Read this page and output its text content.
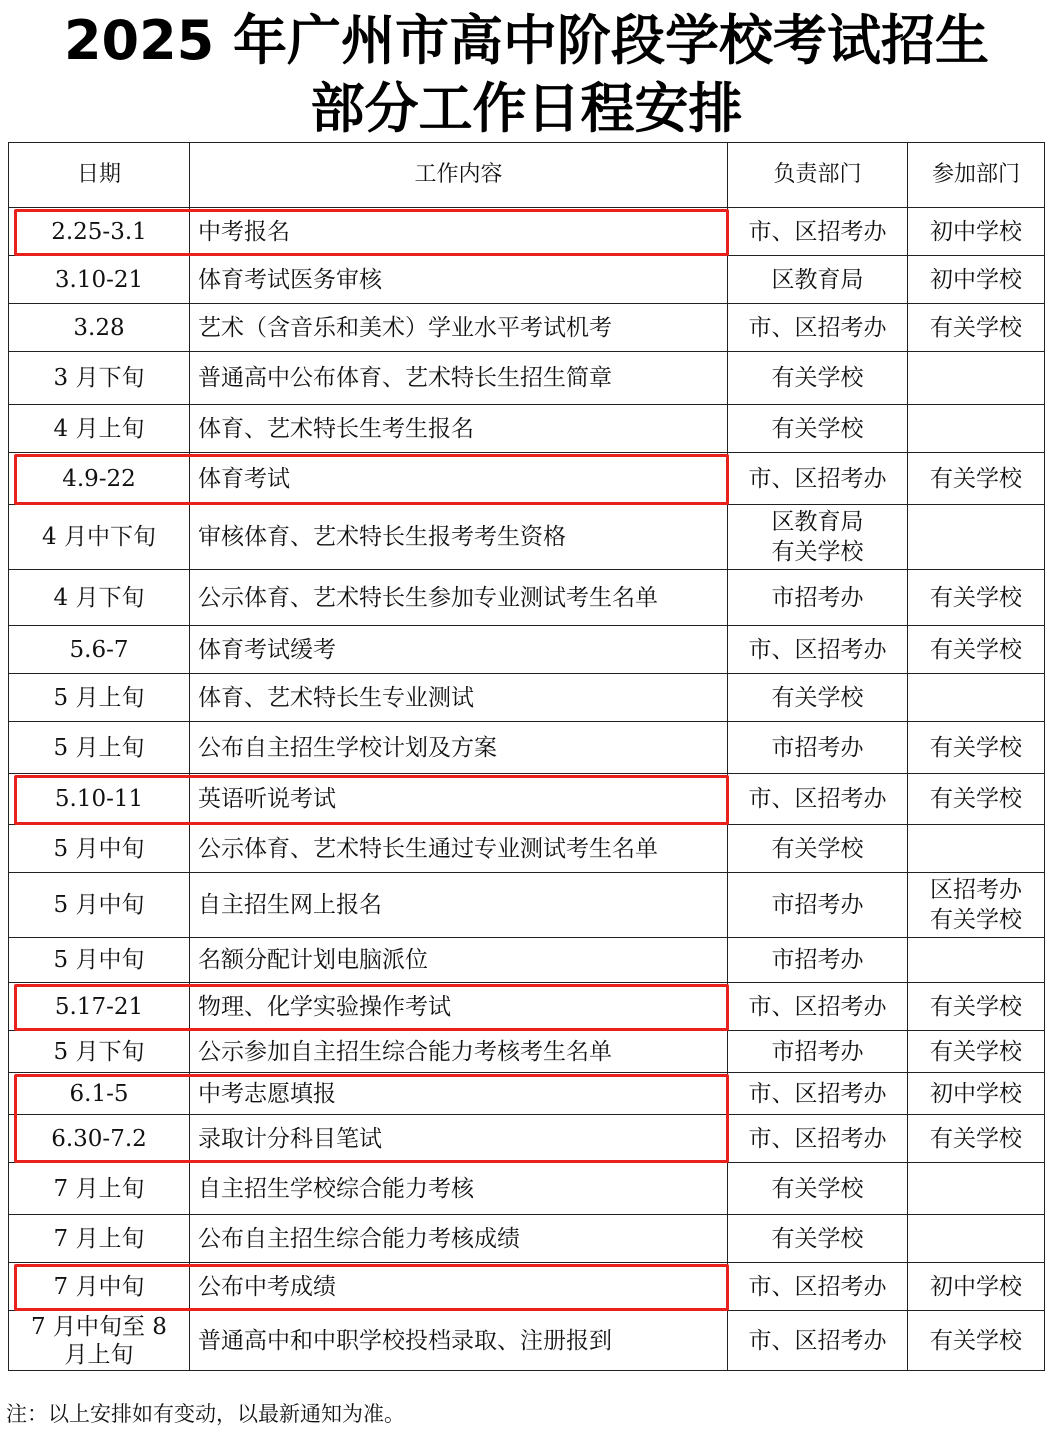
2025 年广州市高中阶段学校考试招生
部分工作日程安排
日期	工作内容	负责部门	参加部门
2.25-3.1	中考报名	市、区招考办	初中学校

3.10-21	体育考试医务审核	区教育局	初中学校

3.28	艺术（含音乐和美术）学业水平考试机考	市、区招考办	有关学校

3 月下旬	普通高中公布体育、艺术特长生招生简章	有关学校	

4 月上旬	体育、艺术特长生考生报名	有关学校	

4.9-22	体育考试	市、区招考办	有关学校

4 月中下旬	审核体育、艺术特长生报考考生资格	区教育局
有关学校	

4 月下旬	公示体育、艺术特长生参加专业测试考生名单	市招考办	有关学校

5.6-7	体育考试缓考	市、区招考办	有关学校

5 月上旬	体育、艺术特长生专业测试	有关学校	

5 月上旬	公布自主招生学校计划及方案	市招考办	有关学校

5.10-11	英语听说考试	市、区招考办	有关学校

5 月中旬	公示体育、艺术特长生通过专业测试考生名单	有关学校	

5 月中旬	自主招生网上报名	市招考办	区招考办
有关学校

5 月中旬	名额分配计划电脑派位	市招考办	

5.17-21	物理、化学实验操作考试	市、区招考办	有关学校

5 月下旬	公示参加自主招生综合能力考核考生名单	市招考办	有关学校

6.1-5	中考志愿填报	市、区招考办	初中学校

6.30-7.2	录取计分科目笔试	市、区招考办	有关学校

7 月上旬	自主招生学校综合能力考核	有关学校	

7 月上旬	公布自主招生综合能力考核成绩	有关学校	

7 月中旬	公布中考成绩	市、区招考办	初中学校

7 月中旬至 8 月上旬	普通高中和中职学校投档录取、注册报到	市、区招考办	有关学校
注：以上安排如有变动，以最新通知为准。
